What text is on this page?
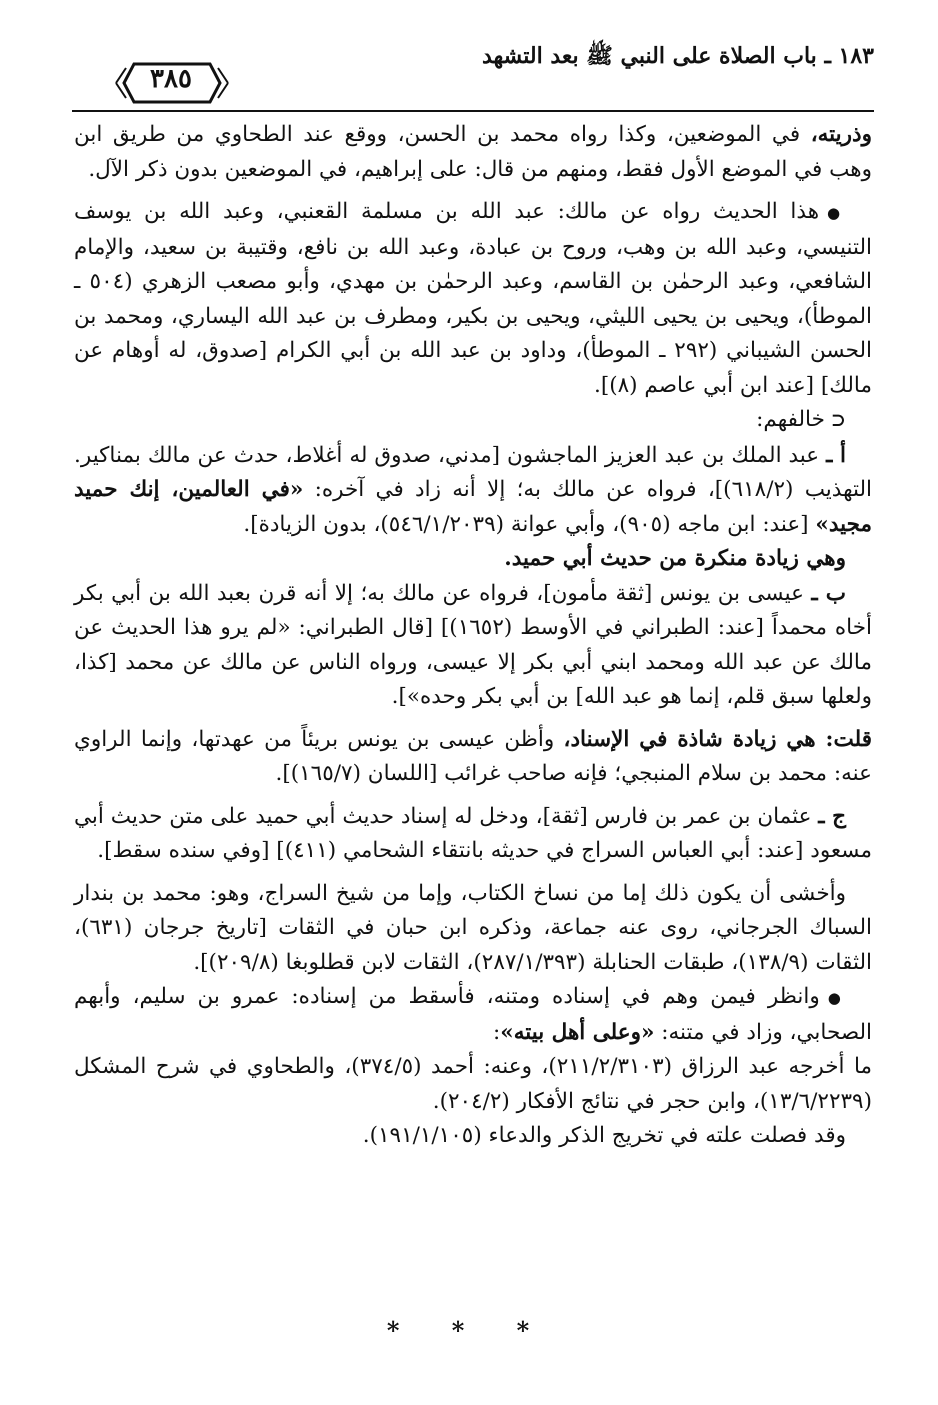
١٨٣ ـ باب الصلاة على النبي ﷺ بعد التشهد
٣٨٥

وذريته، في الموضعين، وكذا رواه محمد بن الحسن، ووقع عند الطحاوي من طريق ابن وهب في الموضع الأول فقط، ومنهم من قال: على إبراهيم، في الموضعين بدون ذكر الآل.

●هذا الحديث رواه عن مالك: عبد الله بن مسلمة القعنبي، وعبد الله بن يوسف التنيسي، وعبد الله بن وهب، وروح بن عبادة، وعبد الله بن نافع، وقتيبة بن سعيد، والإمام الشافعي، وعبد الرحمٰن بن القاسم، وعبد الرحمٰن بن مهدي، وأبو مصعب الزهري (٥٠٤ ـ الموطأ)، ويحيى بن يحيى الليثي، ويحيى بن بكير، ومطرف بن عبد الله اليساري، ومحمد بن الحسن الشيباني (٢٩٢ ـ الموطأ)، وداود بن عبد الله بن أبي الكرام [صدوق، له أوهام عن مالك] [عند ابن أبي عاصم (٨)].

⊂خالفهم:

أ ـ عبد الملك بن عبد العزيز الماجشون [مدني، صدوق له أغلاط، حدث عن مالك بمناكير. التهذيب (٦١٨/٢)]، فرواه عن مالك به؛ إلا أنه زاد في آخره: «في العالمين، إنك حميد مجيد» [عند: ابن ماجه (٩٠٥)، وأبي عوانة (٥٤٦/١/٢٠٣٩)، بدون الزيادة].

وهي زيادة منكرة من حديث أبي حميد.

ب ـ عيسى بن يونس [ثقة مأمون]، فرواه عن مالك به؛ إلا أنه قرن بعبد الله بن أبي بكر أخاه محمداً [عند: الطبراني في الأوسط (١٦٥٢)] [قال الطبراني: «لم يرو هذا الحديث عن مالك عن عبد الله ومحمد ابني أبي بكر إلا عيسى، ورواه الناس عن مالك عن محمد [كذا، ولعلها سبق قلم، إنما هو عبد الله] بن أبي بكر وحده»].

قلت: هي زيادة شاذة في الإسناد، وأظن عيسى بن يونس بريئاً من عهدتها، وإنما الراوي عنه: محمد بن سلام المنبجي؛ فإنه صاحب غرائب [اللسان (١٦٥/٧)].

ج ـ عثمان بن عمر بن فارس [ثقة]، ودخل له إسناد حديث أبي حميد على متن حديث أبي مسعود [عند: أبي العباس السراج في حديثه بانتقاء الشحامي (٤١١)] [وفي سنده سقط].

وأخشى أن يكون ذلك إما من نساخ الكتاب، وإما من شيخ السراج، وهو: محمد بن بندار السباك الجرجاني، روى عنه جماعة، وذكره ابن حبان في الثقات [تاريخ جرجان (٦٣١)، الثقات (١٣٨/٩)، طبقات الحنابلة (٢٨٧/١/٣٩٣)، الثقات لابن قطلوبغا (٢٠٩/٨)].

●وانظر فيمن وهم في إسناده ومتنه، فأسقط من إسناده: عمرو بن سليم، وأبهم الصحابي، وزاد في متنه: «وعلى أهل بيته»:

ما أخرجه عبد الرزاق (٢١١/٢/٣١٠٣)، وعنه: أحمد (٣٧٤/٥)، والطحاوي في شرح المشكل (١٣/٦/٢٢٣٩)، وابن حجر في نتائج الأفكار (٢٠٤/٢).

وقد فصلت علته في تخريج الذكر والدعاء (١٩١/١/١٠٥).

* * *
